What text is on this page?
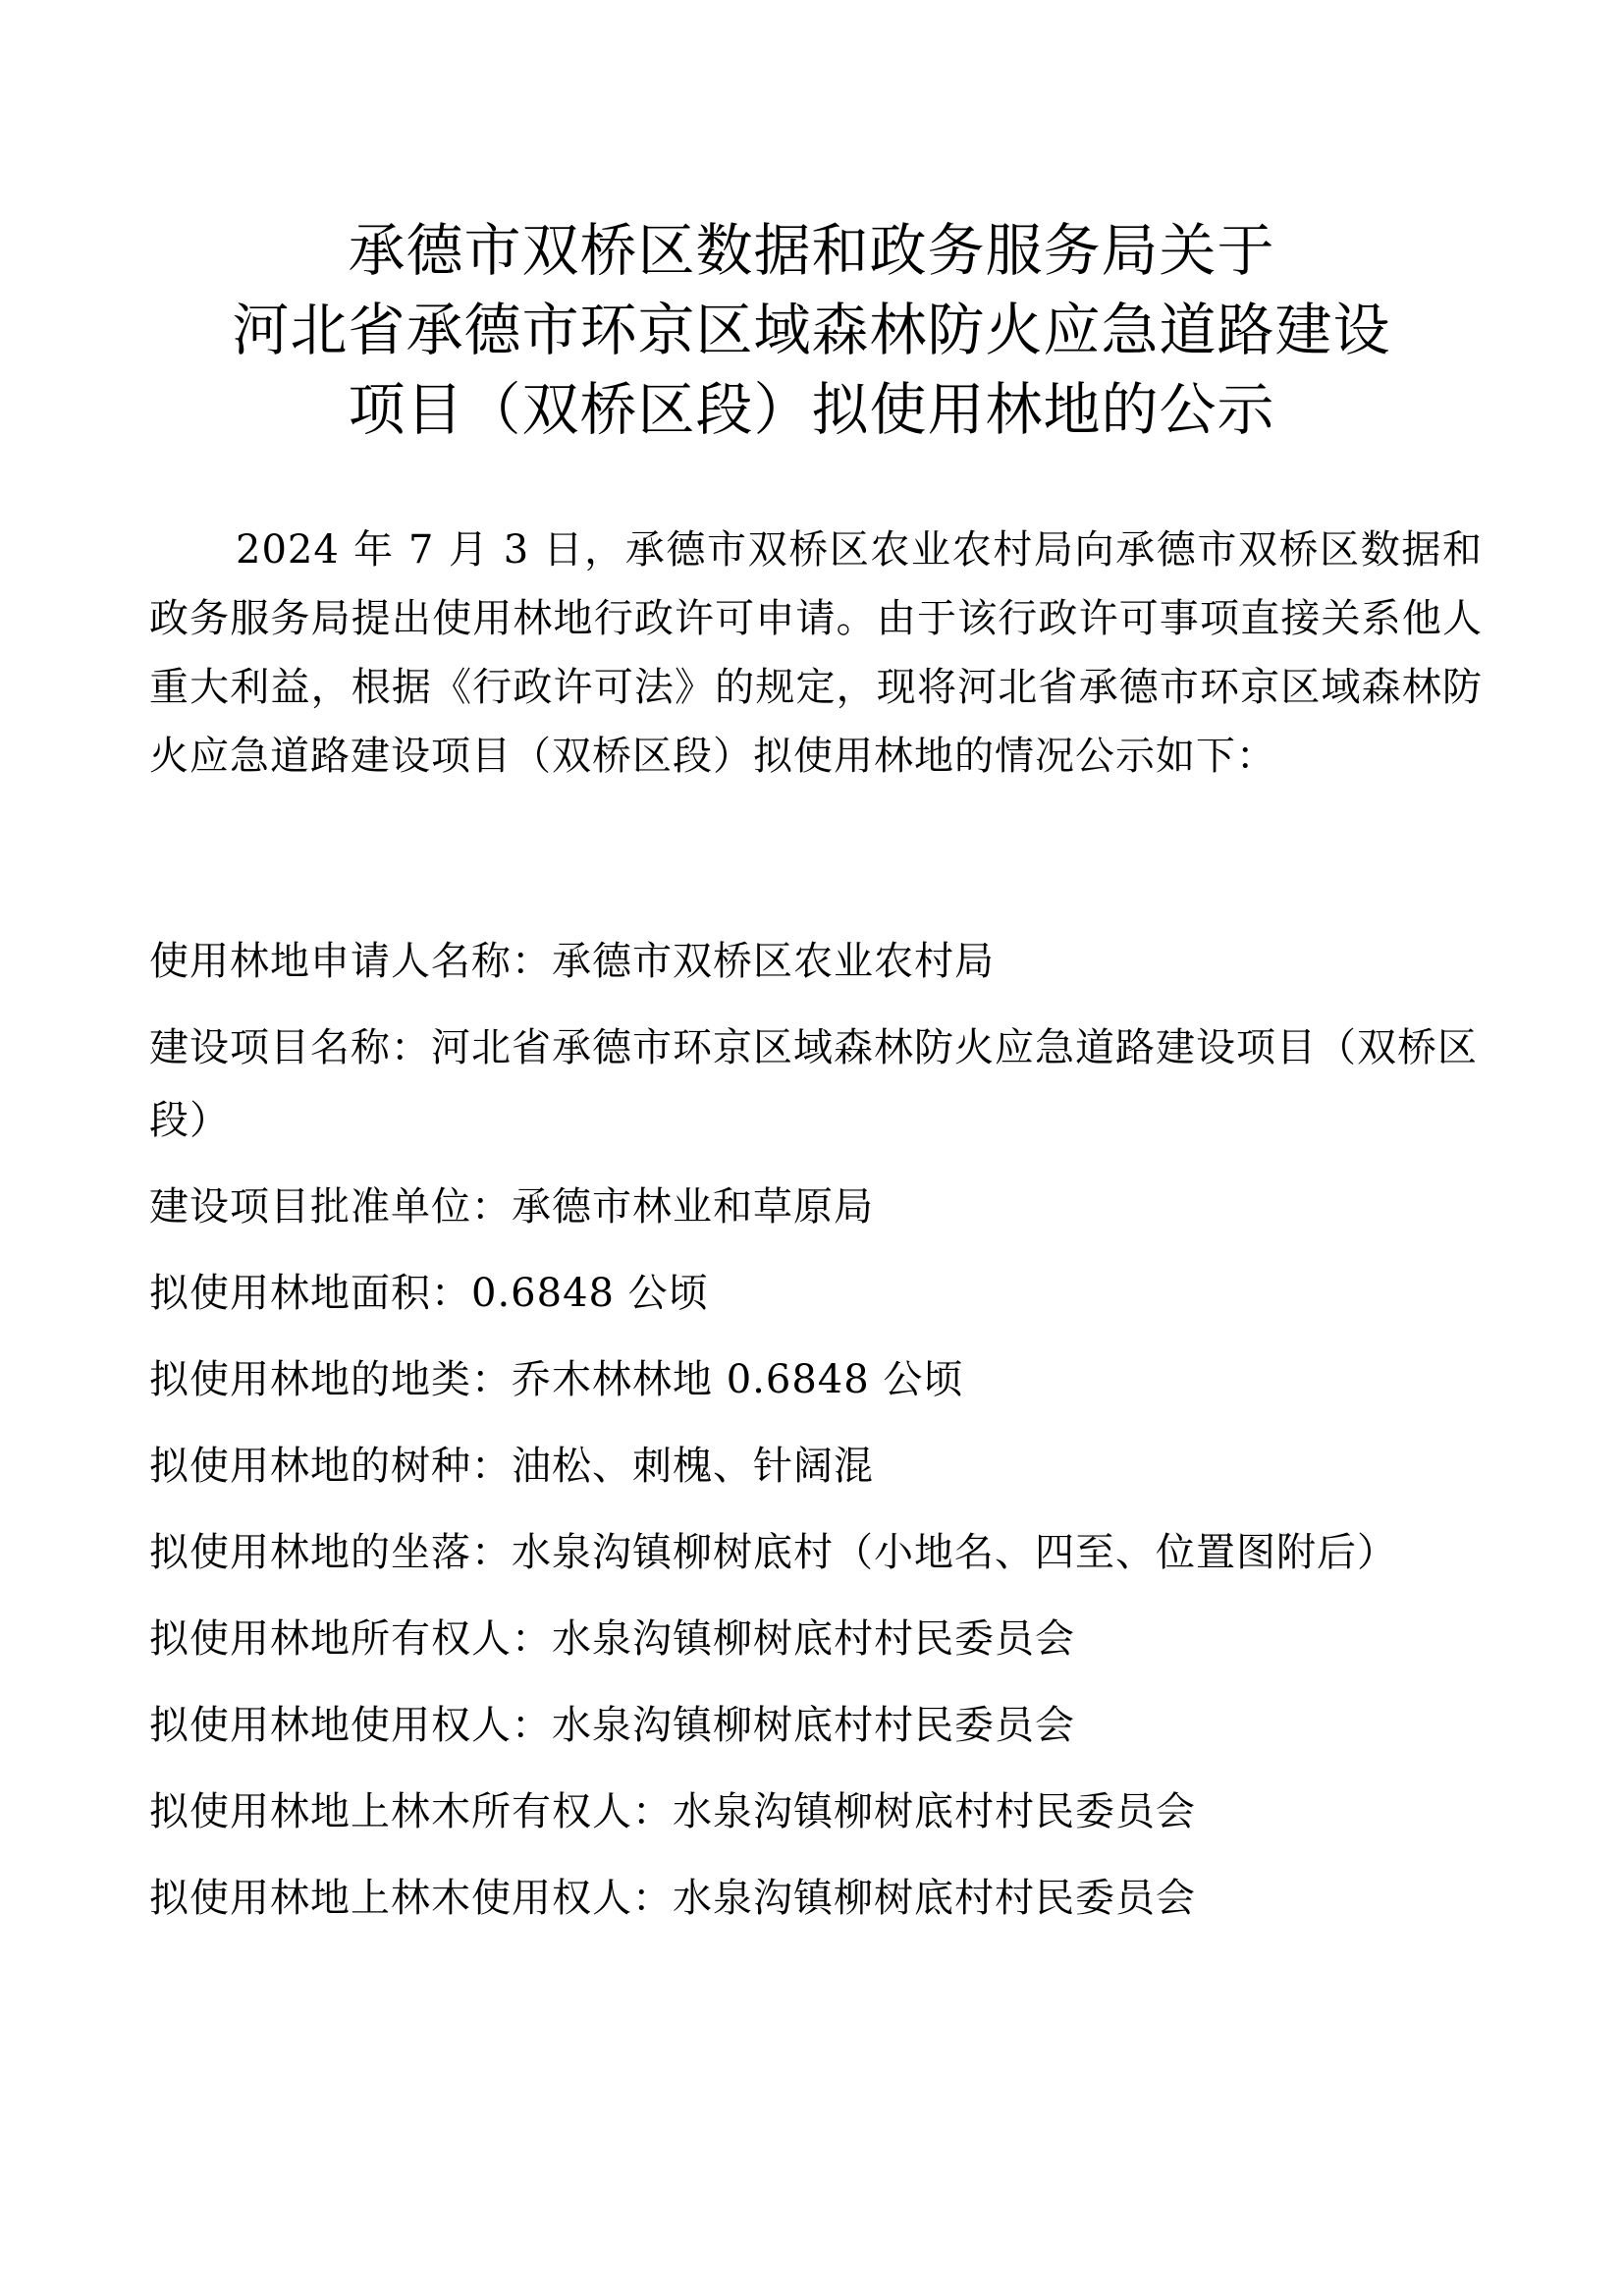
承德市双桥区数据和政务服务局关于
河北省承德市环京区域森林防火应急道路建设
项目（双桥区段）拟使用林地的公示

2024 年 7 月 3 日，承德市双桥区农业农村局向承德市双桥区数据和政务服务局提出使用林地行政许可申请。由于该行政许可事项直接关系他人重大利益，根据《行政许可法》的规定，现将河北省承德市环京区域森林防火应急道路建设项目（双桥区段）拟使用林地的情况公示如下：

使用林地申请人名称：承德市双桥区农业农村局
建设项目名称：河北省承德市环京区域森林防火应急道路建设项目（双桥区段）
建设项目批准单位：承德市林业和草原局
拟使用林地面积：0.6848 公顷
拟使用林地的地类：乔木林林地 0.6848 公顷
拟使用林地的树种：油松、刺槐、针阔混
拟使用林地的坐落：水泉沟镇柳树底村（小地名、四至、位置图附后）
拟使用林地所有权人：水泉沟镇柳树底村村民委员会
拟使用林地使用权人：水泉沟镇柳树底村村民委员会
拟使用林地上林木所有权人：水泉沟镇柳树底村村民委员会
拟使用林地上林木使用权人：水泉沟镇柳树底村村民委员会
